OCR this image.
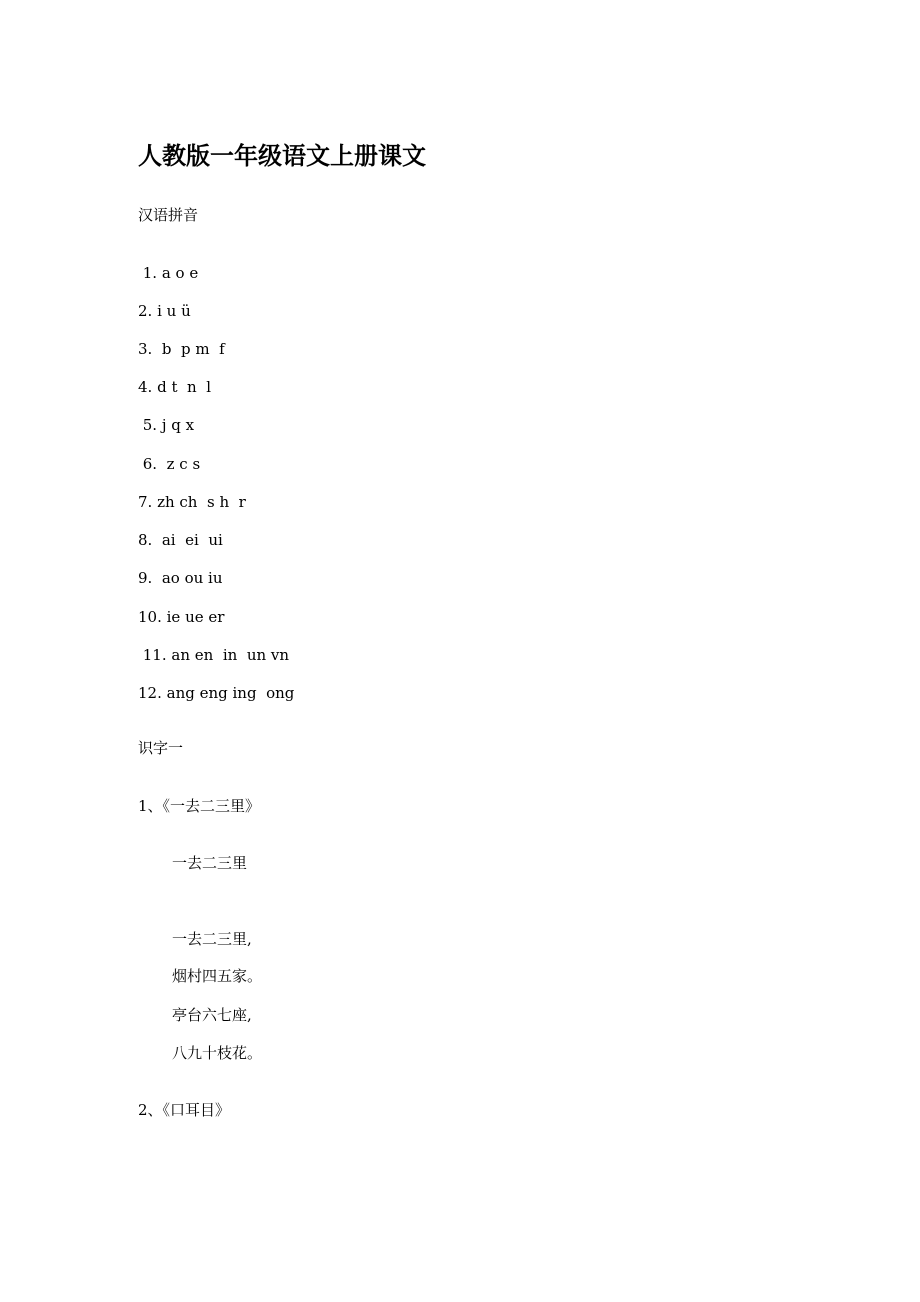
人教版一年级语文上册课文
汉语拼音
1. a o e
2. i u ü
3.  b  p m  f
4. d t  n  l
5. j q x
6.  z c s
7. zh ch  s h  r
8.  ai  ei  ui
9.  ao ou iu
10. ie ue er
11. an en  in  un vn
12. ang eng ing  ong
识字一
1、《一去二三里》
一去二三里
一去二三里,
烟村四五家。
亭台六七座,
八九十枝花。
2、《口耳目》
